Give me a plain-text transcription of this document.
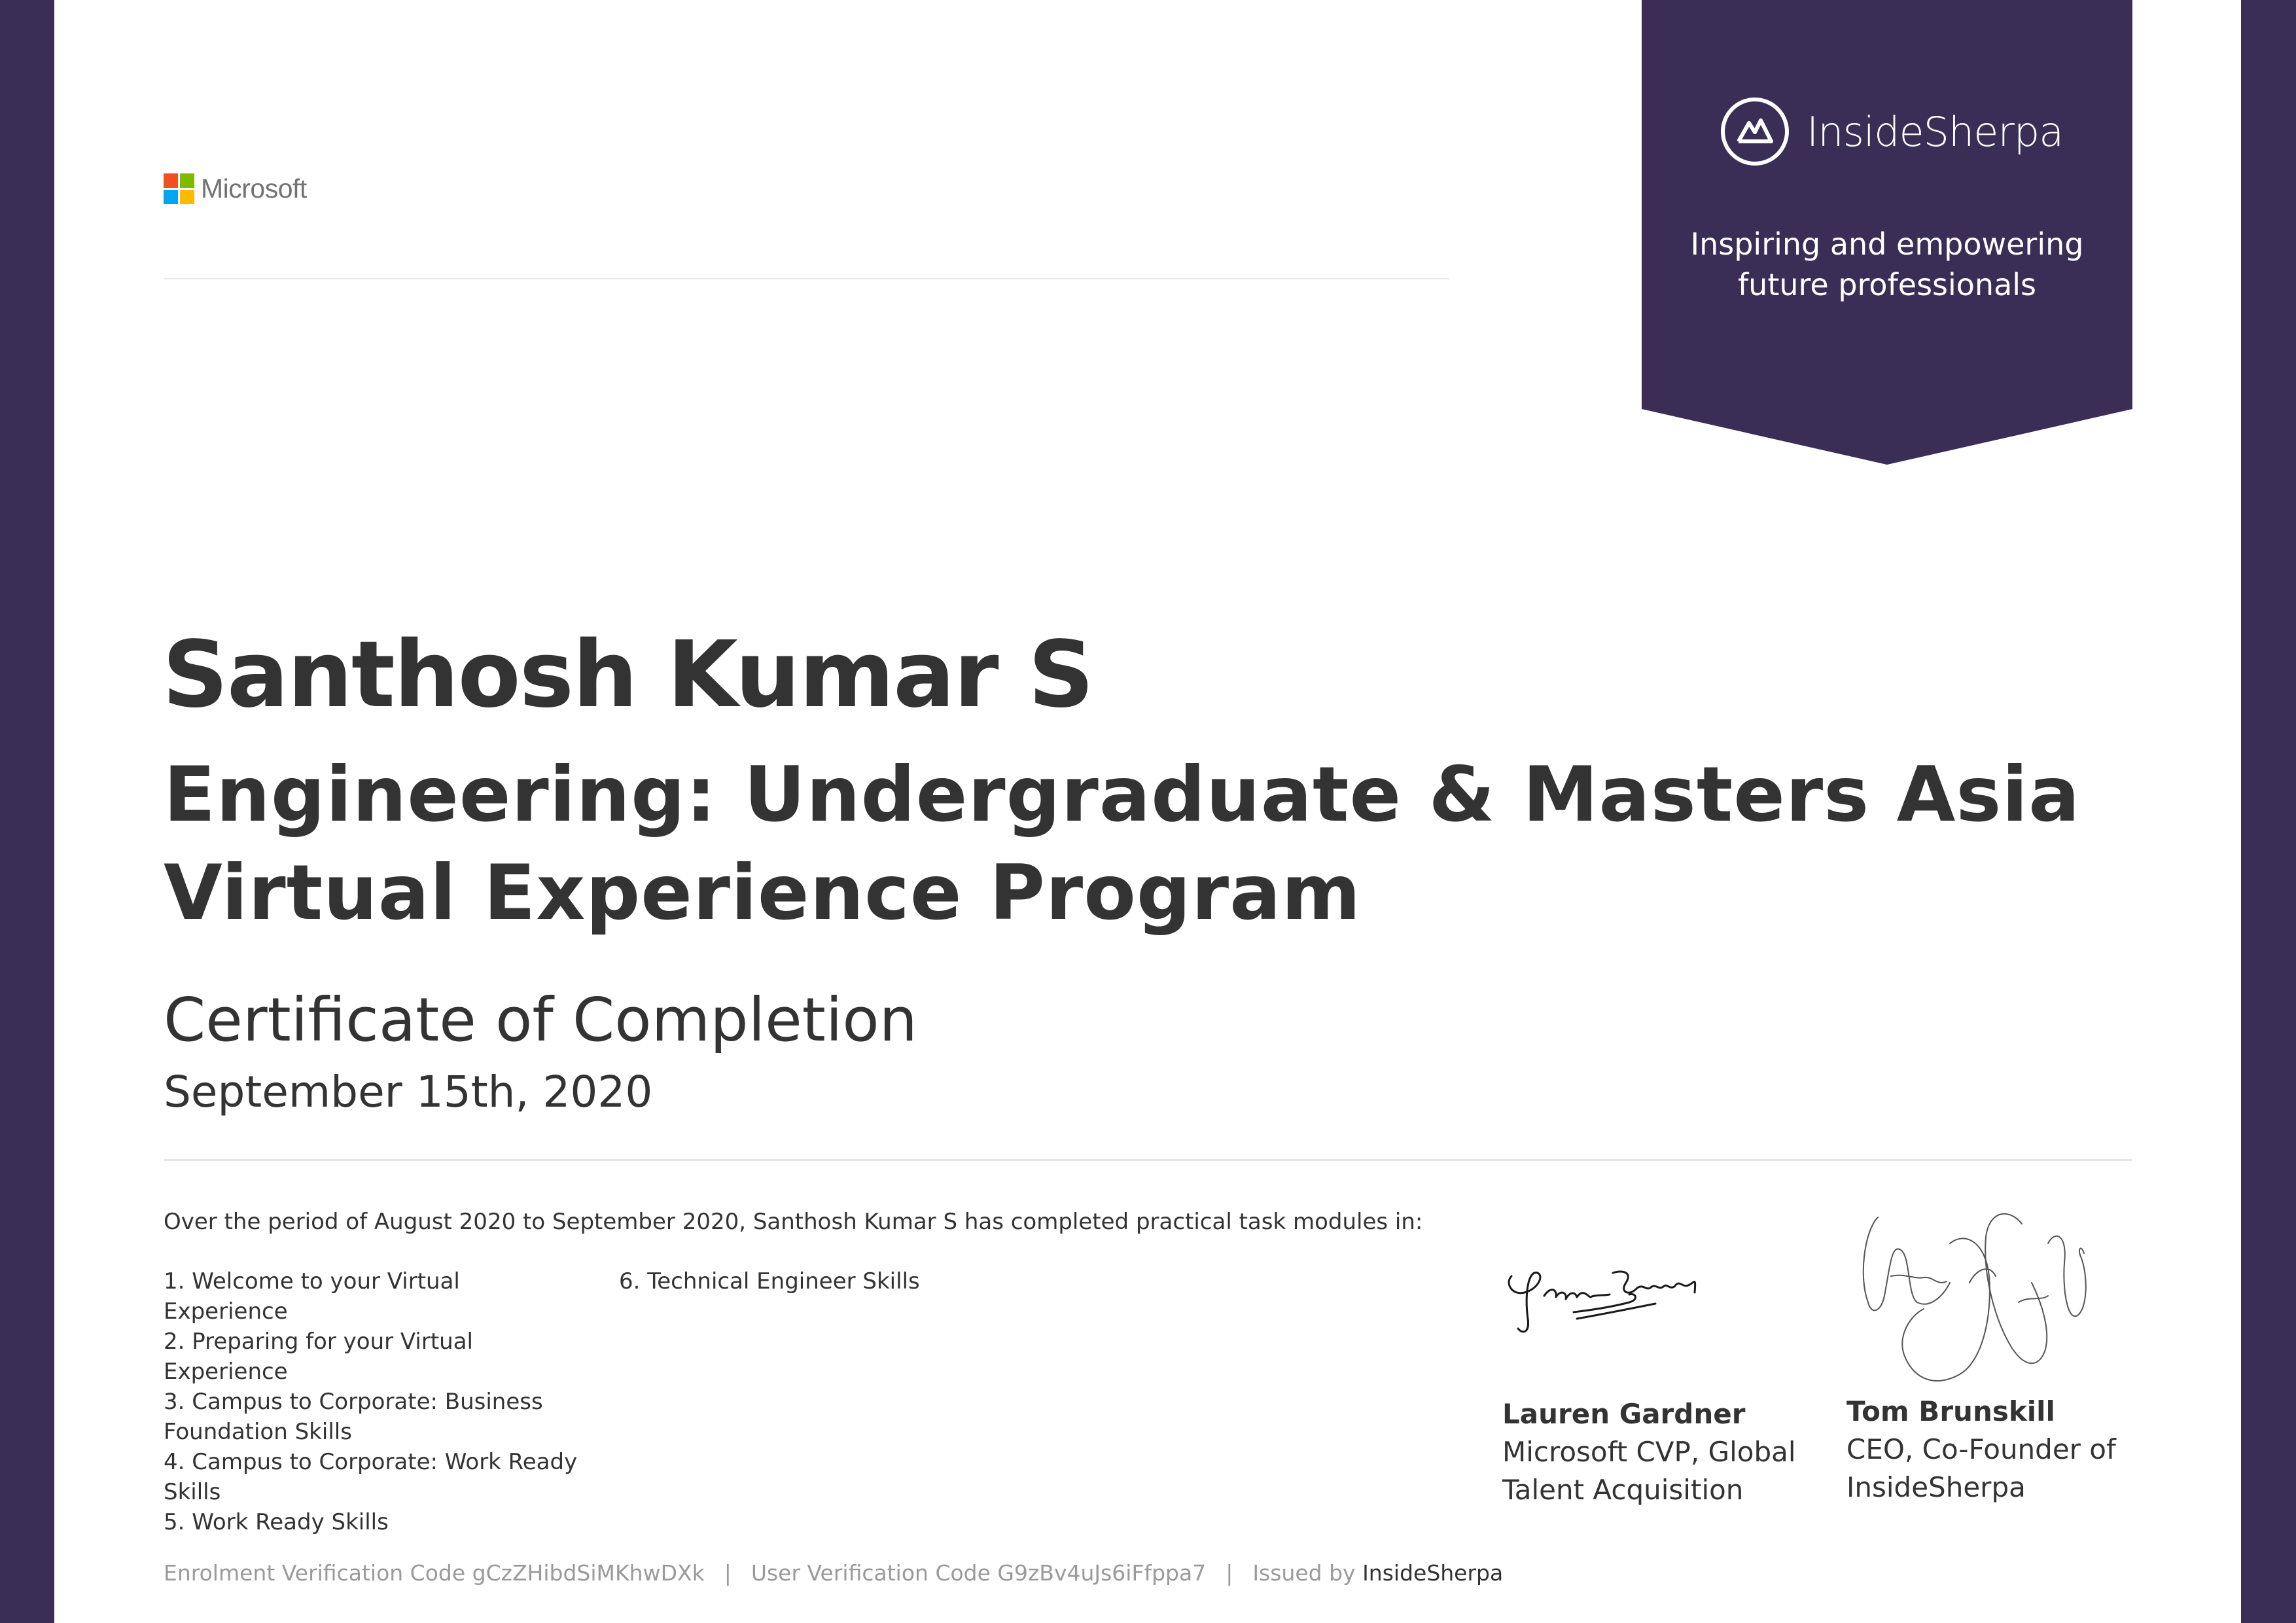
Microsoft
InsideSherpa
Inspiring and empowering
future professionals
Santhosh Kumar S
Engineering: Undergraduate & Masters Asia
Virtual Experience Program
Certificate of Completion
September 15th, 2020
Over the period of August 2020 to September 2020, Santhosh Kumar S has completed practical task modules in:
1. Welcome to your Virtual Experience
2. Preparing for your Virtual Experience
3. Campus to Corporate: Business Foundation Skills
4. Campus to Corporate: Work Ready Skills
5. Work Ready Skills
6. Technical Engineer Skills
Lauren Gardner
Microsoft CVP, Global
Talent Acquisition
Tom Brunskill
CEO, Co-Founder of
InsideSherpa
Enrolment Verification Code gCzZHibdSiMKhwDXk | User Verification Code G9zBv4uJs6iFfppa7 | Issued by InsideSherpa
